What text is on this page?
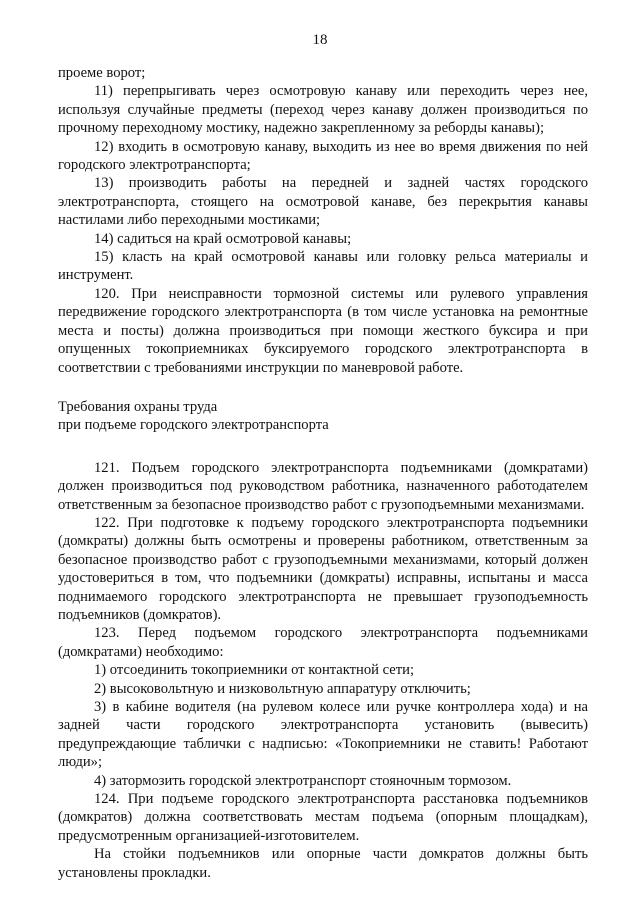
18

проеме ворот;

11) перепрыгивать через осмотровую канаву или переходить через нее, используя случайные предметы (переход через канаву должен производиться по прочному переходному мостику, надежно закрепленному за реборды канавы);

12) входить в осмотровую канаву, выходить из нее во время движения по ней городского электротранспорта;

13) производить работы на передней и задней частях городского электротранспорта, стоящего на осмотровой канаве, без перекрытия канавы настилами либо переходными мостиками;

14) садиться на край осмотровой канавы;

15) класть на край осмотровой канавы или головку рельса материалы и инструмент.

120. При неисправности тормозной системы или рулевого управления передвижение городского электротранспорта (в том числе установка на ремонтные места и посты) должна производиться при помощи жесткого буксира и при опущенных токоприемниках буксируемого городского электротранспорта в соответствии с требованиями инструкции по маневровой работе.

Требования охраны труда

при подъеме городского электротранспорта

121. Подъем городского электротранспорта подъемниками (домкратами) должен производиться под руководством работника, назначенного работодателем ответственным за безопасное производство работ с грузоподъемными механизмами.

122. При подготовке к подъему городского электротранспорта подъемники (домкраты) должны быть осмотрены и проверены работником, ответственным за безопасное производство работ с грузоподъемными механизмами, который должен удостовериться в том, что подъемники (домкраты) исправны, испытаны и масса поднимаемого городского электротранспорта не превышает грузоподъемность подъемников (домкратов).

123. Перед подъемом городского электротранспорта подъемниками (домкратами) необходимо:

1) отсоединить токоприемники от контактной сети;

2) высоковольтную и низковольтную аппаратуру отключить;

3) в кабине водителя (на рулевом колесе или ручке контроллера хода) и на задней части городского электротранспорта установить (вывесить) предупреждающие таблички с надписью: «Токоприемники не ставить! Работают люди»;

4) затормозить городской электротранспорт стояночным тормозом.

124. При подъеме городского электротранспорта расстановка подъемников (домкратов) должна соответствовать местам подъема (опорным площадкам), предусмотренным организацией-изготовителем.

На стойки подъемников или опорные части домкратов должны быть установлены прокладки.
